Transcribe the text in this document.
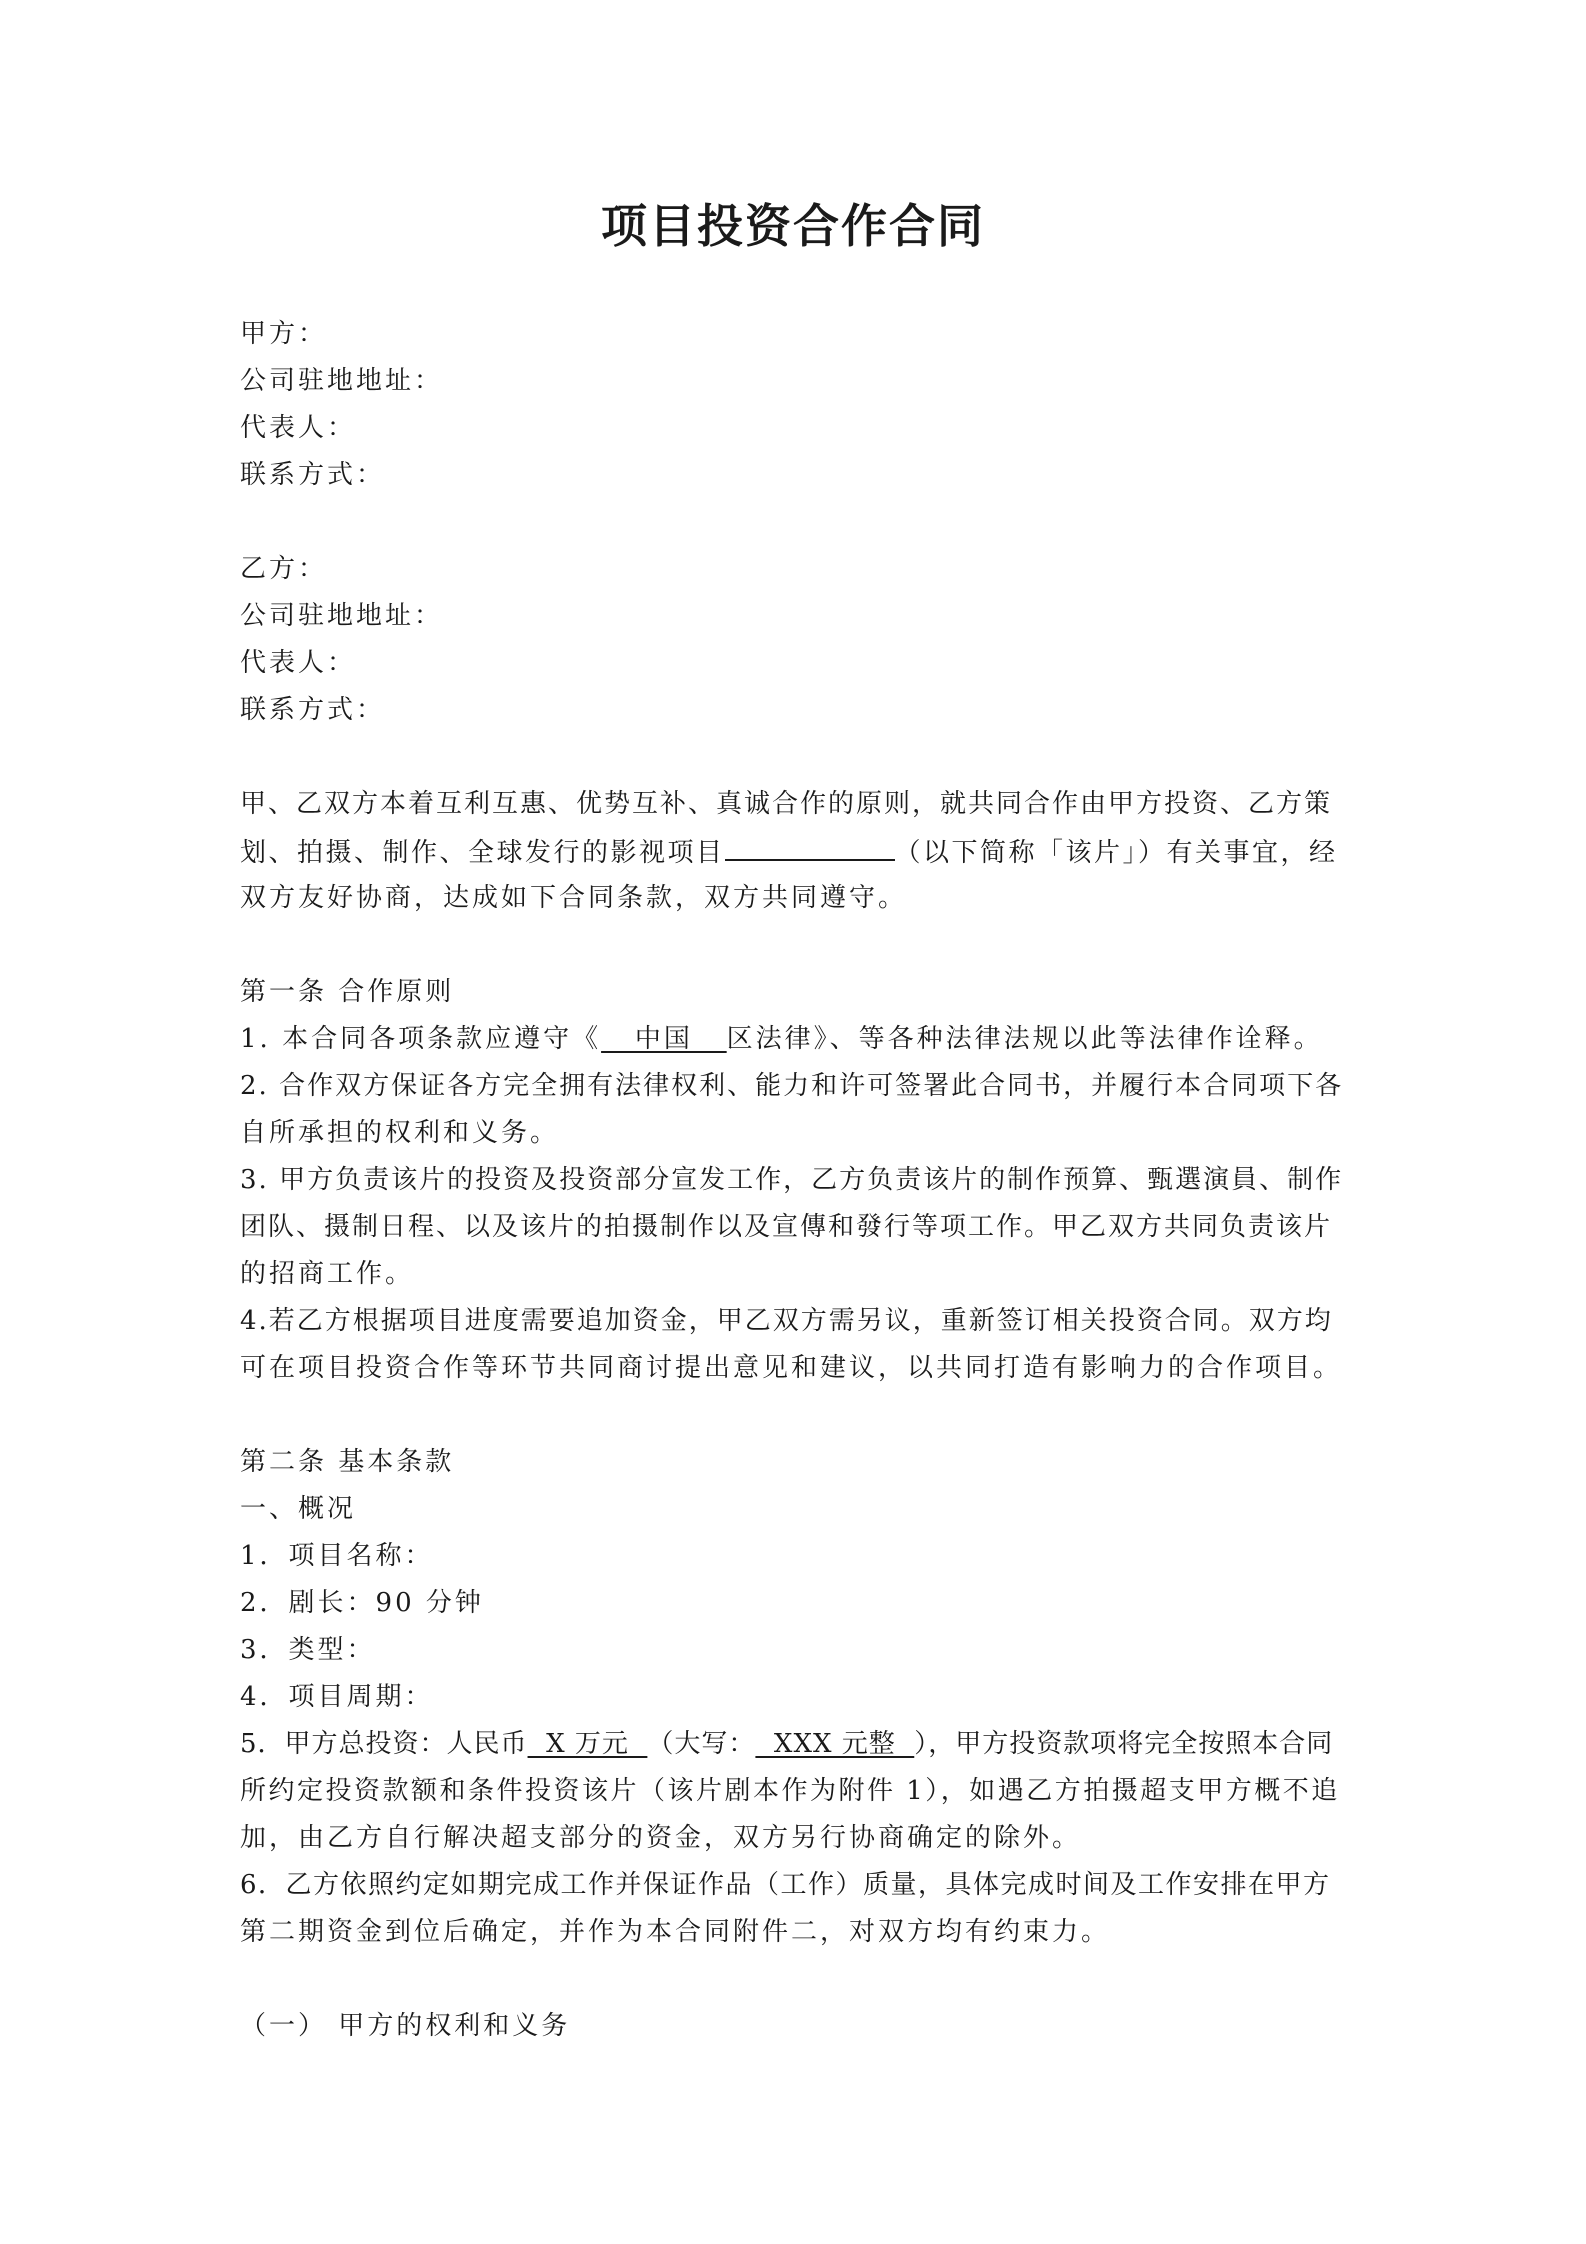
项目投资合作合同
甲方：
公司驻地地址：
代表人：
联系方式：
乙方：
公司驻地地址：
代表人：
联系方式：
甲、乙双方本着互利互惠、优势互补、真诚合作的原则，就共同合作由甲方投资、乙方策
划、拍摄、制作、全球发行的影视项目	（以下简称「该片」）有关事宜，经
双方友好协商，达成如下合同条款，双方共同遵守。
第一条 合作原则
1. 本合同各项条款应遵守《   中国   区法律》、等各种法律法规以此等法律作诠释。
2. 合作双方保证各方完全拥有法律权利、能力和许可签署此合同书，并履行本合同项下各
自所承担的权利和义务。
3. 甲方负责该片的投资及投资部分宣发工作，乙方负责该片的制作预算、甄選演員、制作
团队、摄制日程、以及该片的拍摄制作以及宣傳和發行等项工作。甲乙双方共同负责该片
的招商工作。
4.若乙方根据项目进度需要追加资金，甲乙双方需另议，重新签订相关投资合同。双方均
可在项目投资合作等环节共同商讨提出意见和建议，以共同打造有影响力的合作项目。
第二条 基本条款
一、概况
1．项目名称：
2．剧长：90 分钟
3．类型：
4．项目周期：
5．甲方总投资：人民币  X 万元  （大写：  XXX 元整  ），甲方投资款项将完全按照本合同
所约定投资款额和条件投资该片（该片剧本作为附件 1），如遇乙方拍摄超支甲方概不追
加，由乙方自行解决超支部分的资金，双方另行协商确定的除外。
6．乙方依照约定如期完成工作并保证作品（工作）质量，具体完成时间及工作安排在甲方
第二期资金到位后确定，并作为本合同附件二，对双方均有约束力。
（一） 甲方的权利和义务
